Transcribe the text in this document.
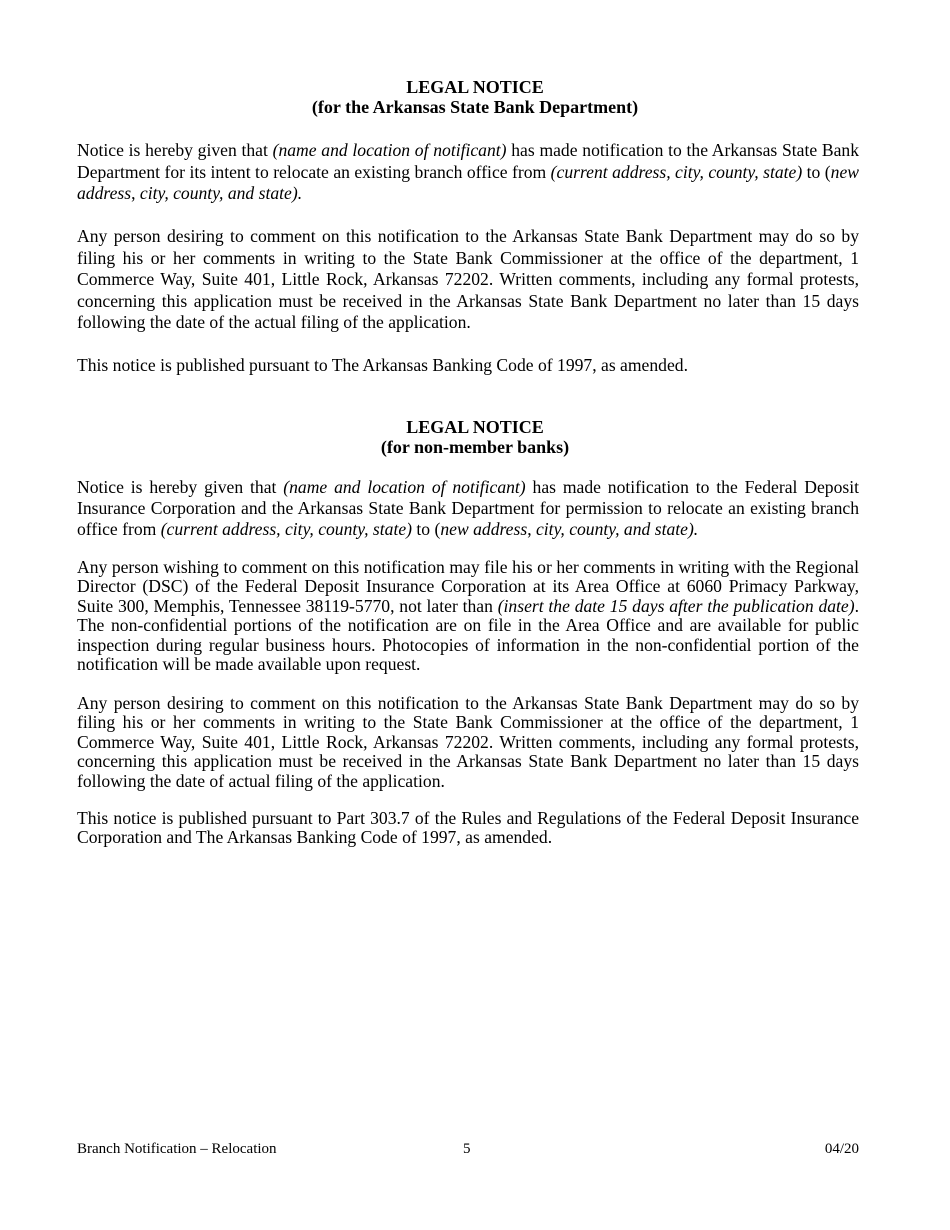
LEGAL NOTICE
(for the Arkansas State Bank Department)

Notice is hereby given that (name and location of notificant) has made notification to the Arkansas State Bank Department for its intent to relocate an existing branch office from (current address, city, county, state) to (new address, city, county, and state).

Any person desiring to comment on this notification to the Arkansas State Bank Department may do so by filing his or her comments in writing to the State Bank Commissioner at the office of the department, 1 Commerce Way, Suite 401, Little Rock, Arkansas 72202. Written comments, including any formal protests, concerning this application must be received in the Arkansas State Bank Department no later than 15 days following the date of the actual filing of the application.

This notice is published pursuant to The Arkansas Banking Code of 1997, as amended.

LEGAL NOTICE
(for non-member banks)

Notice is hereby given that (name and location of notificant) has made notification to the Federal Deposit Insurance Corporation and the Arkansas State Bank Department for permission to relocate an existing branch office from (current address, city, county, state) to (new address, city, county, and state).

Any person wishing to comment on this notification may file his or her comments in writing with the Regional Director (DSC) of the Federal Deposit Insurance Corporation at its Area Office at 6060 Primacy Parkway, Suite 300, Memphis, Tennessee 38119-5770, not later than (insert the date 15 days after the publication date). The non-confidential portions of the notification are on file in the Area Office and are available for public inspection during regular business hours. Photocopies of information in the non-confidential portion of the notification will be made available upon request.

Any person desiring to comment on this notification to the Arkansas State Bank Department may do so by filing his or her comments in writing to the State Bank Commissioner at the office of the department, 1 Commerce Way, Suite 401, Little Rock, Arkansas 72202. Written comments, including any formal protests, concerning this application must be received in the Arkansas State Bank Department no later than 15 days following the date of actual filing of the application.

This notice is published pursuant to Part 303.7 of the Rules and Regulations of the Federal Deposit Insurance Corporation and The Arkansas Banking Code of 1997, as amended.

Branch Notification – Relocation	5	04/20
